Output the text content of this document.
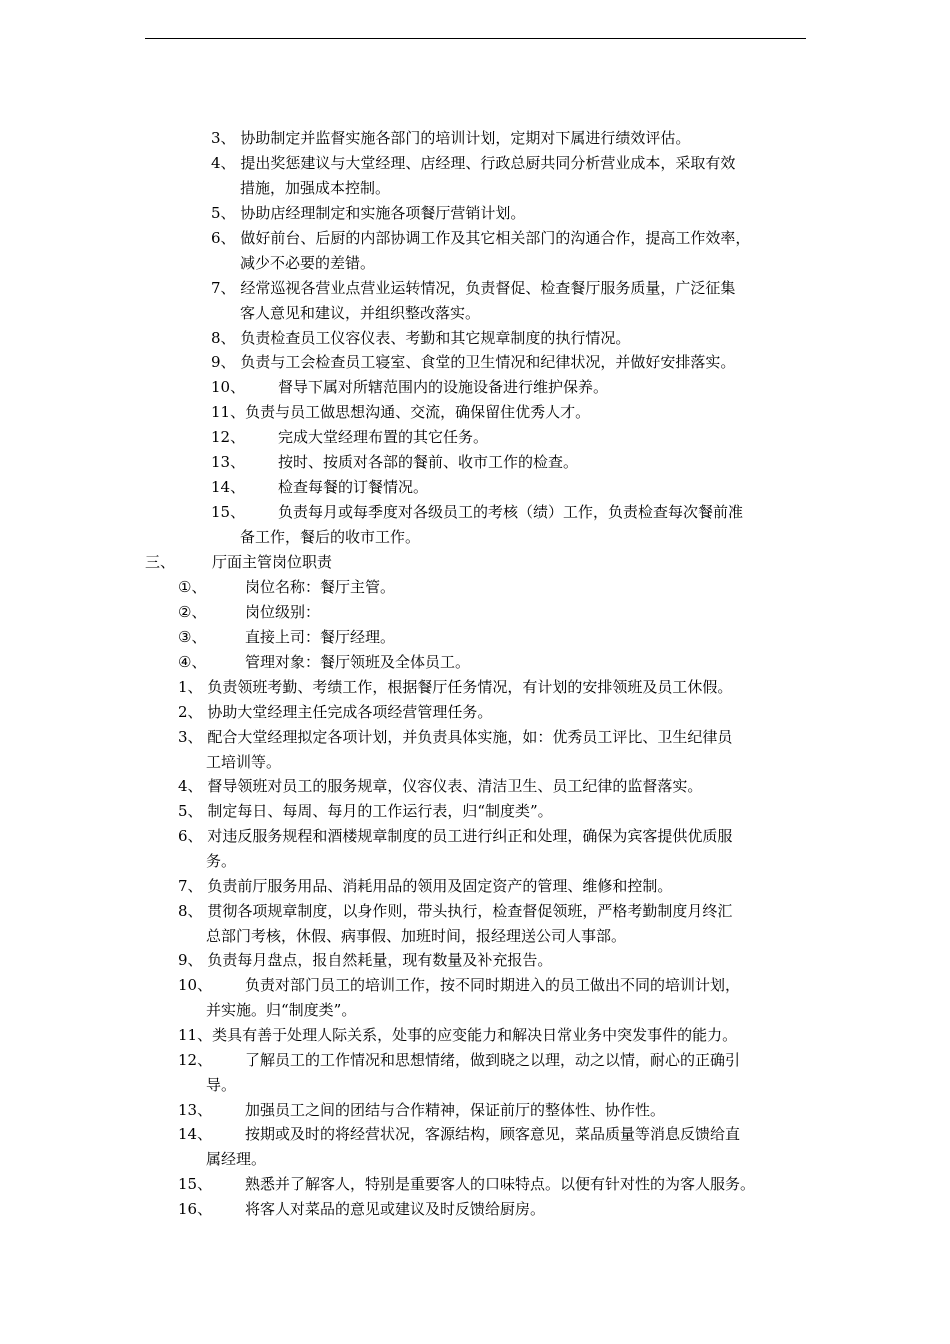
3、 协助制定并监督实施各部门的培训计划，定期对下属进行绩效评估。
4、 提出奖惩建议与大堂经理、店经理、行政总厨共同分析营业成本，采取有效
措施，加强成本控制。
5、 协助店经理制定和实施各项餐厅营销计划。
6、 做好前台、后厨的内部协调工作及其它相关部门的沟通合作，提高工作效率，
减少不必要的差错。
7、 经常巡视各营业点营业运转情况，负责督促、检查餐厅服务质量，广泛征集
客人意见和建议，并组织整改落实。
8、 负责检查员工仪容仪表、考勤和其它规章制度的执行情况。
9、 负责与工会检查员工寝室、食堂的卫生情况和纪律状况，并做好安排落实。
10、 督导下属对所辖范围内的设施设备进行维护保养。
11、负责与员工做思想沟通、交流，确保留住优秀人才。
12、 完成大堂经理布置的其它任务。
13、 按时、按质对各部的餐前、收市工作的检查。
14、 检查每餐的订餐情况。
15、 负责每月或每季度对各级员工的考核（绩）工作，负责检查每次餐前准
备工作，餐后的收市工作。
三、 厅面主管岗位职责
①、	岗位名称：餐厅主管。
②、	岗位级别：
③、	直接上司：餐厅经理。
④、	管理对象：餐厅领班及全体员工。
1、 负责领班考勤、考绩工作，根据餐厅任务情况，有计划的安排领班及员工休假。
2、 协助大堂经理主任完成各项经营管理任务。
3、 配合大堂经理拟定各项计划，并负责具体实施，如：优秀员工评比、卫生纪律员
工培训等。
4、 督导领班对员工的服务规章，仪容仪表、清洁卫生、员工纪律的监督落实。
5、 制定每日、每周、每月的工作运行表，归“制度类”。
6、 对违反服务规程和酒楼规章制度的员工进行纠正和处理，确保为宾客提供优质服
务。
7、 负责前厅服务用品、消耗用品的领用及固定资产的管理、维修和控制。
8、 贯彻各项规章制度，以身作则，带头执行，检查督促领班，严格考勤制度月终汇
总部门考核，休假、病事假、加班时间，报经理送公司人事部。
9、 负责每月盘点，报自然耗量，现有数量及补充报告。
10、 负责对部门员工的培训工作，按不同时期进入的员工做出不同的培训计划，
并实施。归“制度类”。
11、类具有善于处理人际关系，处事的应变能力和解决日常业务中突发事件的能力。
12、 了解员工的工作情况和思想情绪，做到晓之以理，动之以情，耐心的正确引
导。
13、 加强员工之间的团结与合作精神，保证前厅的整体性、协作性。
14、 按期或及时的将经营状况，客源结构，顾客意见，菜品质量等消息反馈给直
属经理。
15、 熟悉并了解客人，特别是重要客人的口味特点。以便有针对性的为客人服务。
16、 将客人对菜品的意见或建议及时反馈给厨房。
